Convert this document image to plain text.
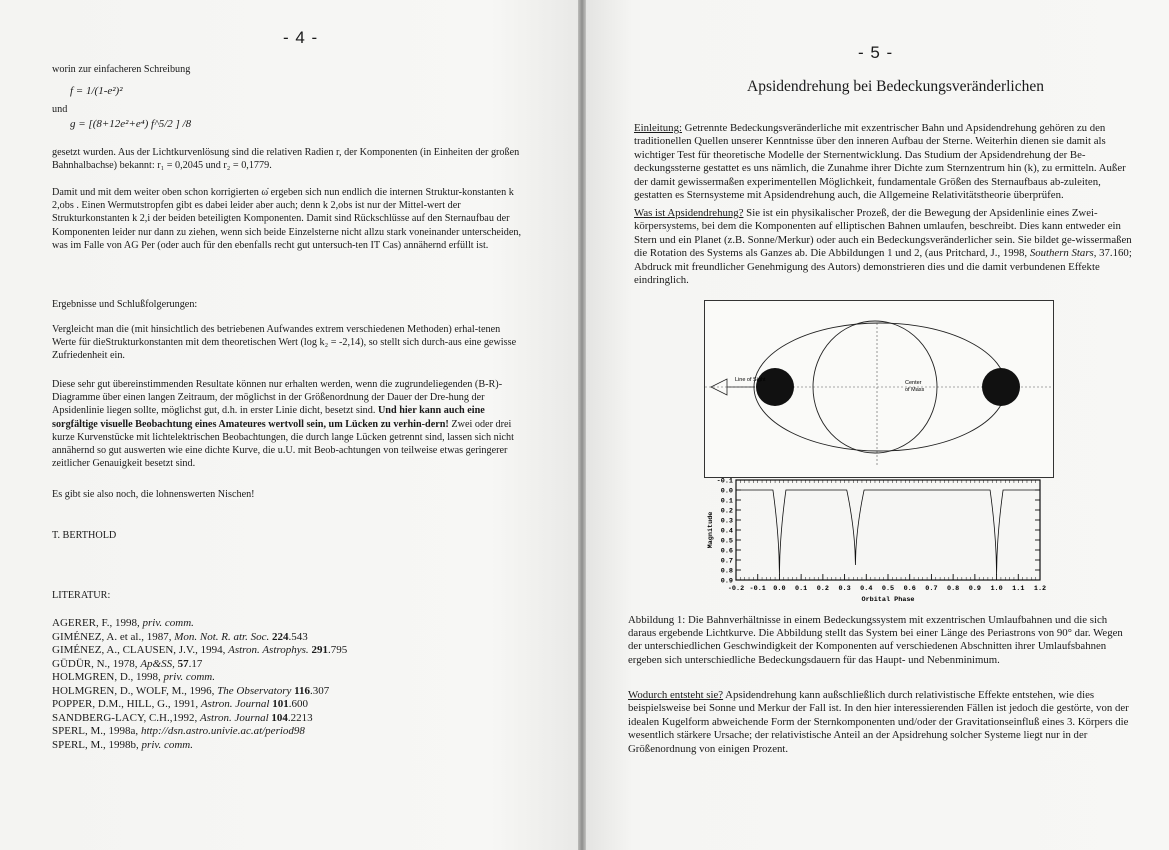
- 4 -
worin zur einfacheren Schreibung
f = 1/(1-e²)²
und
g = [(8+12e²+e⁴) f^5/2 ] /8

gesetzt wurden. Aus der Lichtkurvenlösung sind die relativen Radien r, der Komponenten (in Einheiten der großen Bahnhalbachse) bekannt: r₁ = 0,2045 und r₂ = 0,1779.

Damit und mit dem weiter oben schon korrigierten ω̇ ergeben sich nun endlich die internen Struktur-konstanten k 2,obs . Einen Wermutstropfen gibt es dabei leider aber auch; denn k 2,obs ist nur der Mittel-wert der Strukturkonstanten k 2,i der beiden beteiligten Komponenten. Damit sind Rückschlüsse auf den Sternaufbau der Komponenten leider nur dann zu ziehen, wenn sich beide Einzelsterne nicht allzu stark voneinander unterscheiden, was im Falle von AG Per (oder auch für den ebenfalls recht gut untersuch-ten IT Cas) annähernd erfüllt ist.

Ergebnisse und Schlußfolgerungen:

Vergleicht man die (mit hinsichtlich des betriebenen Aufwandes extrem verschiedenen Methoden) erhal-tenen Werte für dieStrukturkonstanten mit dem theoretischen Wert (log k₂ = -2,14), so stellt sich durch-aus eine gewisse Zufriedenheit ein.

Diese sehr gut übereinstimmenden Resultate können nur erhalten werden, wenn die zugrundeliegenden (B-R)-Diagramme über einen langen Zeitraum, der möglichst in der Größenordnung der Dauer der Dre-hung der Apsidenlinie liegen sollte, möglichst gut, d.h. in erster Linie dicht, besetzt sind. Und hier kann auch eine sorgfältige visuelle Beobachtung eines Amateures wertvoll sein, um Lücken zu verhin-dern! Zwei oder drei kurze Kurvenstücke mit lichtelektrischen Beobachtungen, die durch lange Lücken getrennt sind, lassen sich nicht annähernd so gut auswerten wie eine dichte Kurve, die u.U. mit Beob-achtungen von teilweise etwas geringerer zeitlicher Genauigkeit besetzt sind.

Es gibt sie also noch, die lohnenswerten Nischen!
T. BERTHOLD
LITERATUR:
AGERER, F., 1998, priv. comm.
GIMÉNEZ, A. et al., 1987, Mon. Not. R. atr. Soc. 224.543
GIMÉNEZ, A., CLAUSEN, J.V., 1994, Astron. Astrophys. 291.795
GÜDÜR, N., 1978, Ap&SS, 57.17
HOLMGREN, D., 1998, priv. comm.
HOLMGREN, D., WOLF, M., 1996, The Observatory 116.307
POPPER, D.M., HILL, G., 1991, Astron. Journal 101.600
SANDBERG-LACY, C.H.,1992, Astron. Journal 104.2213
SPERL, M., 1998a, http://dsn.astro.univie.ac.at/period98
SPERL, M., 1998b, priv. comm.
- 5 -
Apsidendrehung bei Bedeckungsveränderlichen

Einleitung: Getrennte Bedeckungsveränderliche mit exzentrischer Bahn und Apsidendrehung gehören zu den traditionellen Quellen unserer Kenntnisse über den inneren Aufbau der Sterne. Weiterhin dienen sie damit als wichtiger Test für theoretische Modelle der Sternentwicklung. Das Studium der Apsidendrehung der Be-deckungssterne gestattet es uns nämlich, die Zunahme ihrer Dichte zum Sternzentrum hin (k), zu ermitteln. Außer der damit gewissermaßen experimentellen Möglichkeit, fundamentale Größen des Sternaufbaus ab-zuleiten, gestatten es Sternsysteme mit Apsidendrehung auch, die Allgemeine Relativitätstheorie überprüfen.

Was ist Apsidendrehung? Sie ist ein physikalischer Prozeß, der die Bewegung der Apsidenlinie eines Zwei-körpersystems, bei dem die Komponenten auf elliptischen Bahnen umlaufen, beschreibt. Dies kann entweder ein Stern und ein Planet (z.B. Sonne/Merkur) oder auch ein Bedeckungsveränderlicher sein. Sie bildet ge-wissermaßen die Rotation des Systems als Ganzes ab. Die Abbildungen 1 und 2, (aus Pritchard, J., 1998, Southern Stars, 37.160; Abdruck mit freundlicher Genehmigung des Autors) demonstrieren dies und die damit verbundenen Effekte eindringlich.

Line of Sight	Center
of Mass
-0.2 -0.1 0.0 0.1 0.2 0.3 0.4 0.5 0.6 0.7 0.8 0.9 1.0 1.1 1.2
-0.1
0.0
0.1
0.2
0.3
0.4
0.5
0.6
0.7
0.8
0.9
Orbital Phase
Magnitude

Abbildung 1: Die Bahnverhältnisse in einem Bedeckungssystem mit exzentrischen Umlaufbahnen und die sich daraus ergebende Lichtkurve. Die Abbildung stellt das System bei einer Länge des Periastrons von 90° dar. Wegen der unterschiedlichen Geschwindigkeit der Komponenten auf verschiedenen Abschnitten ihrer Umlaufsbahnen ergeben sich unterschiedliche Bedeckungsdauern für das Haupt- und Nebenminimum.

Wodurch entsteht sie? Apsidendrehung kann außschließlich durch relativistische Effekte entstehen, wie dies beispielsweise bei Sonne und Merkur der Fall ist. In den hier interessierenden Fällen ist jedoch die gestörte, von der idealen Kugelform abweichende Form der Sternkomponenten und/oder der Gravitationseinfluß eines 3. Körpers die wesentlich stärkere Ursache; der relativistische Anteil an der Apsidrehung solcher Systeme liegt nur in der Größenordnung von einigen Prozent.
